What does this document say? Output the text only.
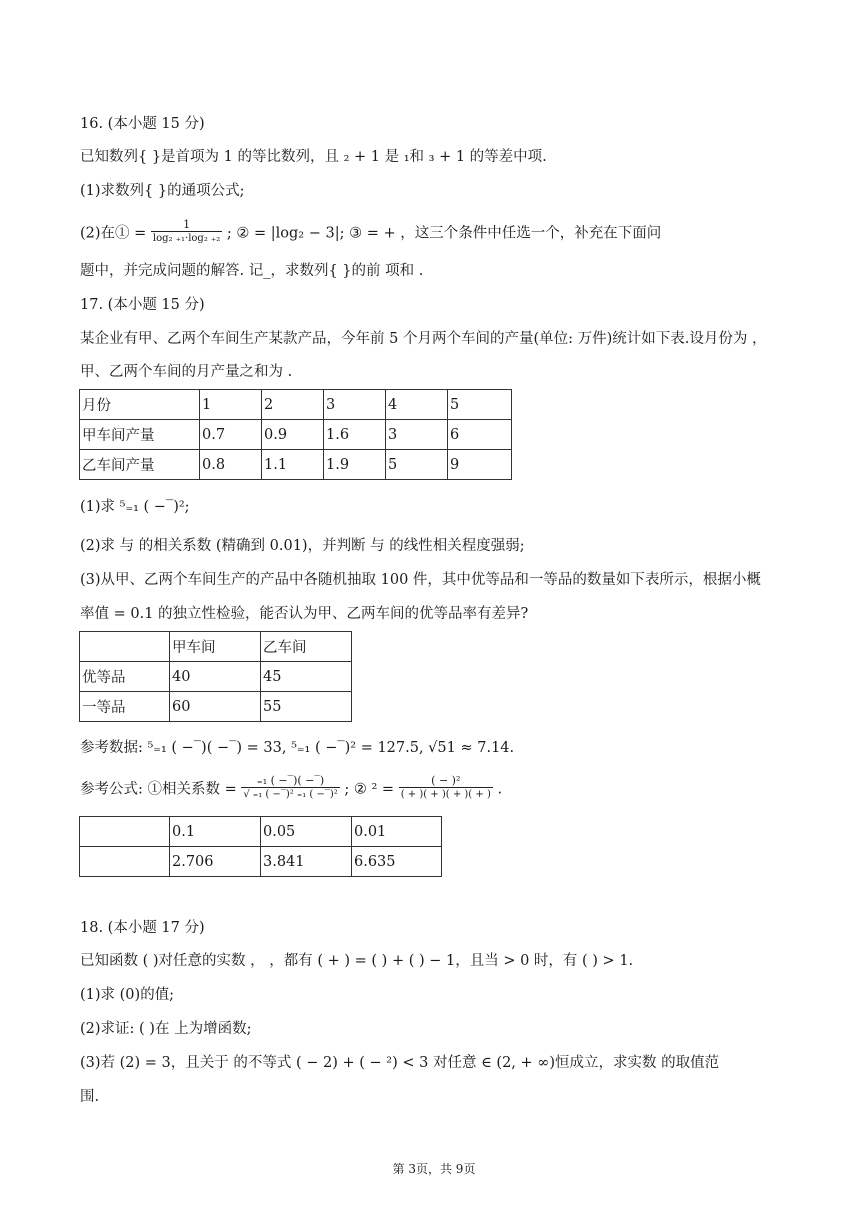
16. (本小题 15 分)
已知数列{ }是首项为 1 的等比数列，且 ₂ + 1 是 ₁和 ₃ + 1 的等差中项.
(1)求数列{ }的通项公式;
(2)在① = $\frac{1}{\text{log₂ ₊₁·log₂ ₊₂}}$ ; ② = |log₂ − 3|; ③ = + ，这三个条件中任选一个，补充在下面问
题中，并完成问题的解答. 记_，求数列{ }的前 项和 .
17. (本小题 15 分)
某企业有甲、乙两个车间生产某款产品，今年前 5 个月两个车间的产量(单位: 万件)统计如下表.设月份为 ，
甲、乙两个车间的月产量之和为 .
月份	1	2	3	4	5
甲车间产量	0.7	0.9	1.6	3	6
乙车间产量	0.8	1.1	1.9	5	9
(1)求 ⁵₌₁ ( −‾)²;
(2)求 与 的相关系数 (精确到 0.01)，并判断 与 的线性相关程度强弱;
(3)从甲、乙两个车间生产的产品中各随机抽取 100 件，其中优等品和一等品的数量如下表所示，根据小概
率值 = 0.1 的独立性检验，能否认为甲、乙两车间的优等品率有差异?
	甲车间	乙车间
优等品	40	45
一等品	60	55
参考数据: ⁵₌₁ ( −‾)( −‾) = 33, ⁵₌₁ ( −‾)² = 127.5, √51 ≈ 7.14.
参考公式: ①相关系数 = $\frac{\text{₌₁ ( −‾)( −‾)}}{\text{√ ₌₁ ( −‾)² ₌₁ ( −‾)²}}$ ; ② $^2 = \frac{\text{( − )²}}{( + )( + )( + )( + )}$ .
	0.1	0.05	0.01
	2.706	3.841	6.635
18. (本小题 17 分)
已知函数 ( )对任意的实数 ， ，都有 ( + ) = ( ) + ( ) − 1，且当 > 0 时，有 ( ) > 1.
(1)求 (0)的值;
(2)求证: ( )在 上为增函数;
(3)若 (2) = 3，且关于 的不等式 ( − 2) + ( − ²) < 3 对任意 ∈ (2, + ∞)恒成立，求实数 的取值范
围.
第 3页，共 9页
